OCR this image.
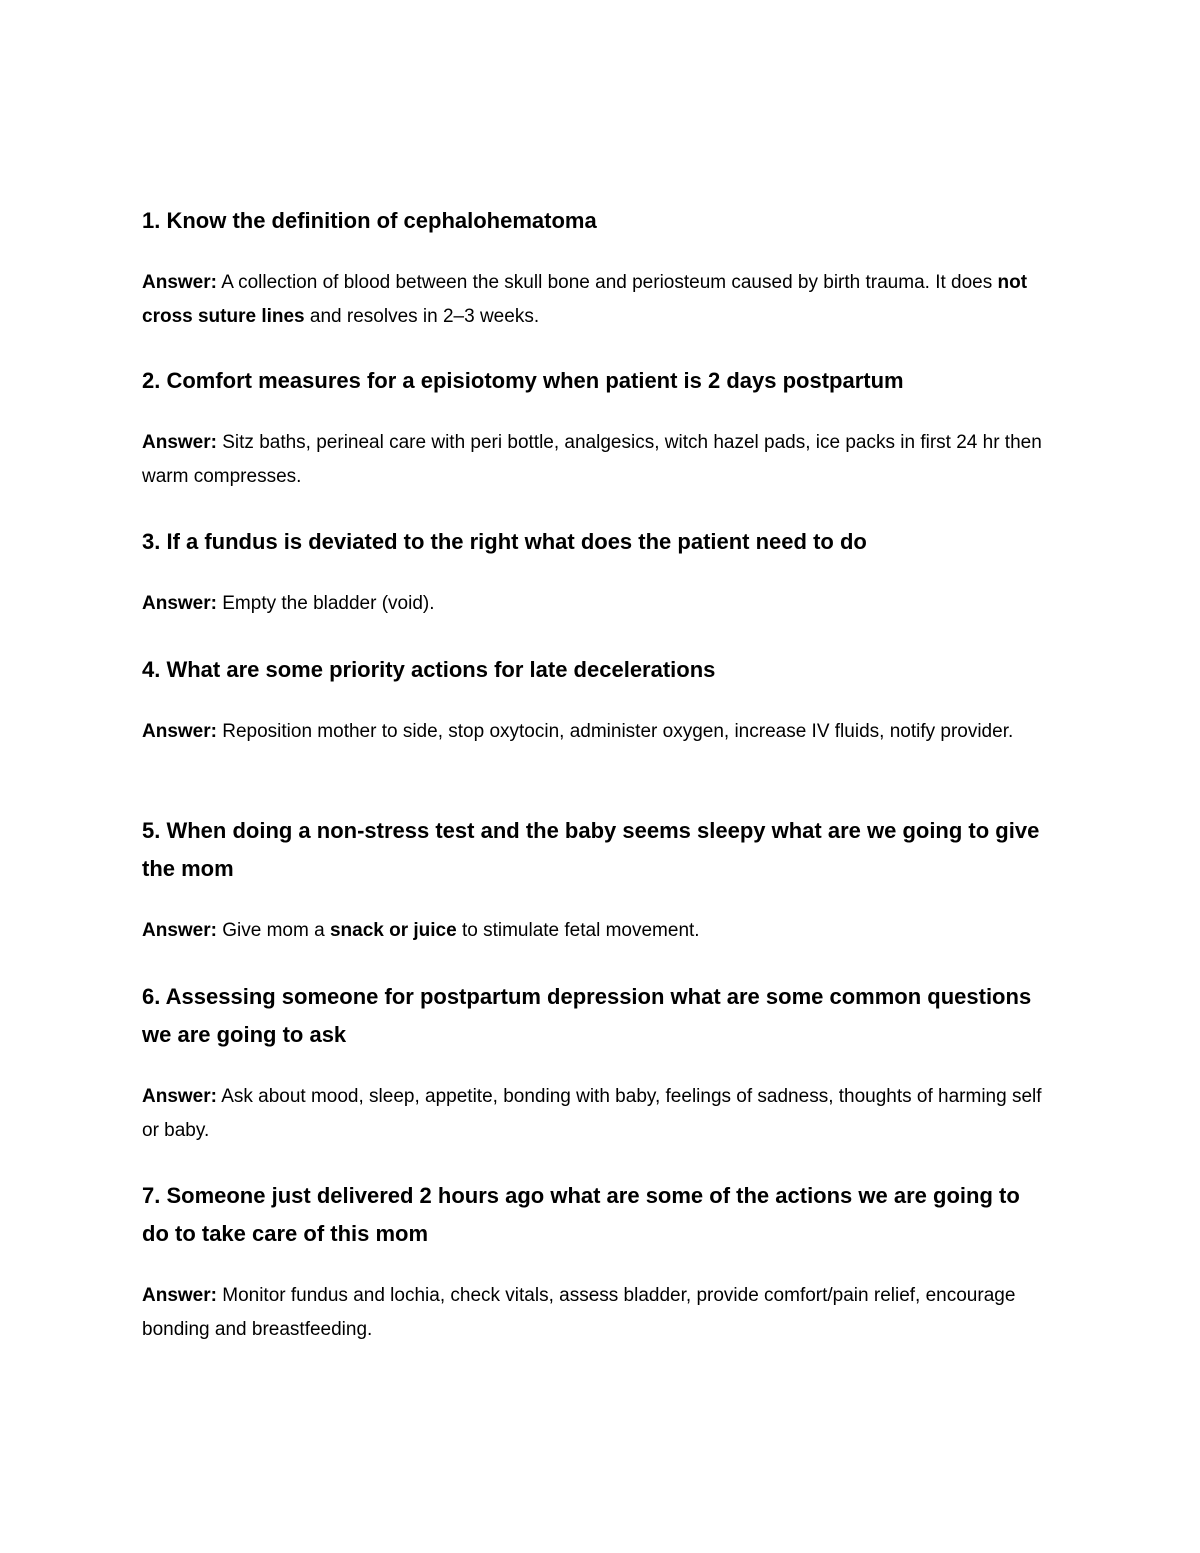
1. Know the definition of cephalohematoma

Answer: A collection of blood between the skull bone and periosteum caused by birth trauma. It does not cross suture lines and resolves in 2–3 weeks.

2. Comfort measures for a episiotomy when patient is 2 days postpartum

Answer: Sitz baths, perineal care with peri bottle, analgesics, witch hazel pads, ice packs in first 24 hr then warm compresses.

3. If a fundus is deviated to the right what does the patient need to do

Answer: Empty the bladder (void).

4. What are some priority actions for late decelerations

Answer: Reposition mother to side, stop oxytocin, administer oxygen, increase IV fluids, notify provider.

5. When doing a non-stress test and the baby seems sleepy what are we going to give the mom

Answer: Give mom a snack or juice to stimulate fetal movement.

6. Assessing someone for postpartum depression what are some common questions we are going to ask

Answer: Ask about mood, sleep, appetite, bonding with baby, feelings of sadness, thoughts of harming self or baby.

7. Someone just delivered 2 hours ago what are some of the actions we are going to do to take care of this mom

Answer: Monitor fundus and lochia, check vitals, assess bladder, provide comfort/pain relief, encourage bonding and breastfeeding.
